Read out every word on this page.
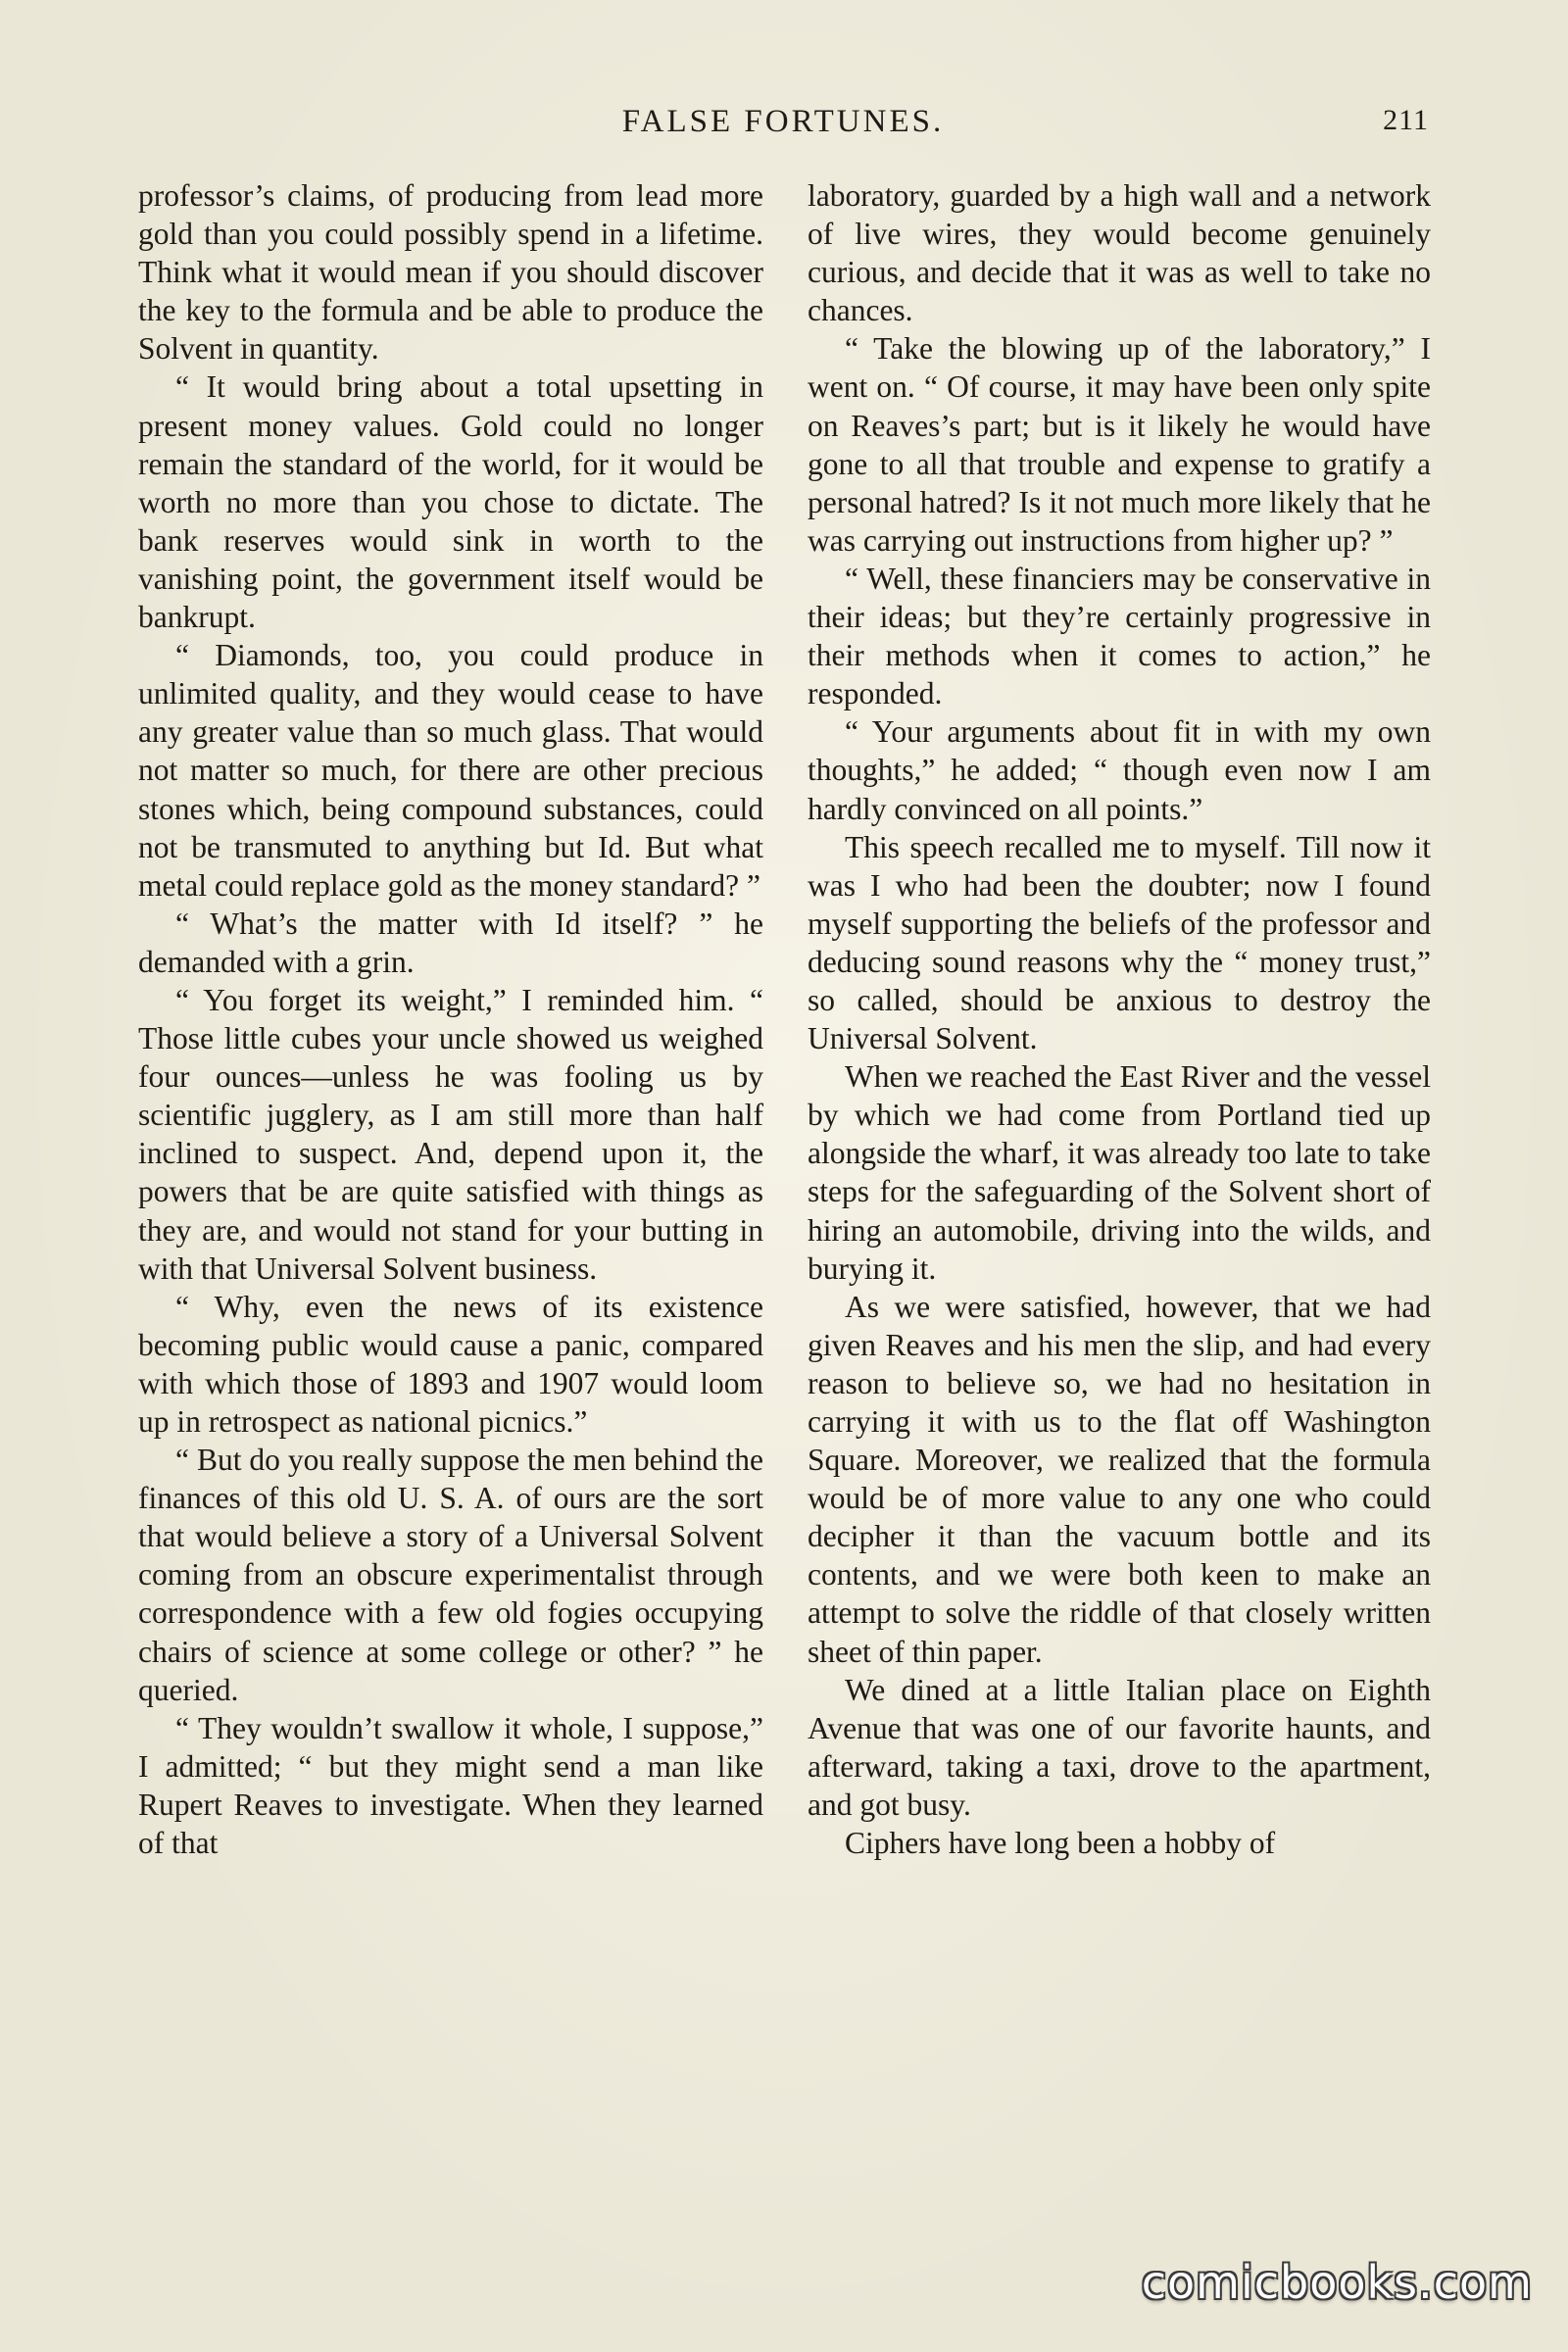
FALSE FORTUNES.	211

professor’s claims, of producing from lead more gold than you could possibly spend in a lifetime. Think what it would mean if you should discover the key to the formula and be able to produce the Solvent in quantity.

“ It would bring about a total upsetting in present money values. Gold could no longer remain the standard of the world, for it would be worth no more than you chose to dictate. The bank reserves would sink in worth to the vanishing point, the government itself would be bankrupt.

“ Diamonds, too, you could produce in unlimited quality, and they would cease to have any greater value than so much glass. That would not matter so much, for there are other precious stones which, being compound substances, could not be transmuted to anything but Id. But what metal could replace gold as the money standard? ”

“ What’s the matter with Id itself? ” he demanded with a grin.

“ You forget its weight,” I reminded him. “ Those little cubes your uncle showed us weighed four ounces—unless he was fooling us by scientific jugglery, as I am still more than half inclined to suspect. And, depend upon it, the powers that be are quite satisfied with things as they are, and would not stand for your butting in with that Universal Solvent business.

“ Why, even the news of its existence becoming public would cause a panic, compared with which those of 1893 and 1907 would loom up in retrospect as national picnics.”

“ But do you really suppose the men behind the finances of this old U. S. A. of ours are the sort that would believe a story of a Universal Solvent coming from an obscure experimentalist through correspondence with a few old fogies occupying chairs of science at some college or other? ” he queried.

“ They wouldn’t swallow it whole, I suppose,” I admitted; “ but they might send a man like Rupert Reaves to investigate. When they learned of that

laboratory, guarded by a high wall and a network of live wires, they would become genuinely curious, and decide that it was as well to take no chances.

“ Take the blowing up of the laboratory,” I went on. “ Of course, it may have been only spite on Reaves’s part; but is it likely he would have gone to all that trouble and expense to gratify a personal hatred? Is it not much more likely that he was carrying out instructions from higher up? ”

“ Well, these financiers may be conservative in their ideas; but they’re certainly progressive in their methods when it comes to action,” he responded.

“ Your arguments about fit in with my own thoughts,” he added; “ though even now I am hardly convinced on all points.”

This speech recalled me to myself. Till now it was I who had been the doubter; now I found myself supporting the beliefs of the professor and deducing sound reasons why the “ money trust,” so called, should be anxious to destroy the Universal Solvent.

When we reached the East River and the vessel by which we had come from Portland tied up alongside the wharf, it was already too late to take steps for the safeguarding of the Solvent short of hiring an automobile, driving into the wilds, and burying it.

As we were satisfied, however, that we had given Reaves and his men the slip, and had every reason to believe so, we had no hesitation in carrying it with us to the flat off Washington Square. Moreover, we realized that the formula would be of more value to any one who could decipher it than the vacuum bottle and its contents, and we were both keen to make an attempt to solve the riddle of that closely written sheet of thin paper.

We dined at a little Italian place on Eighth Avenue that was one of our favorite haunts, and afterward, taking a taxi, drove to the apartment, and got busy.

Ciphers have long been a hobby of

comicbooks.com
